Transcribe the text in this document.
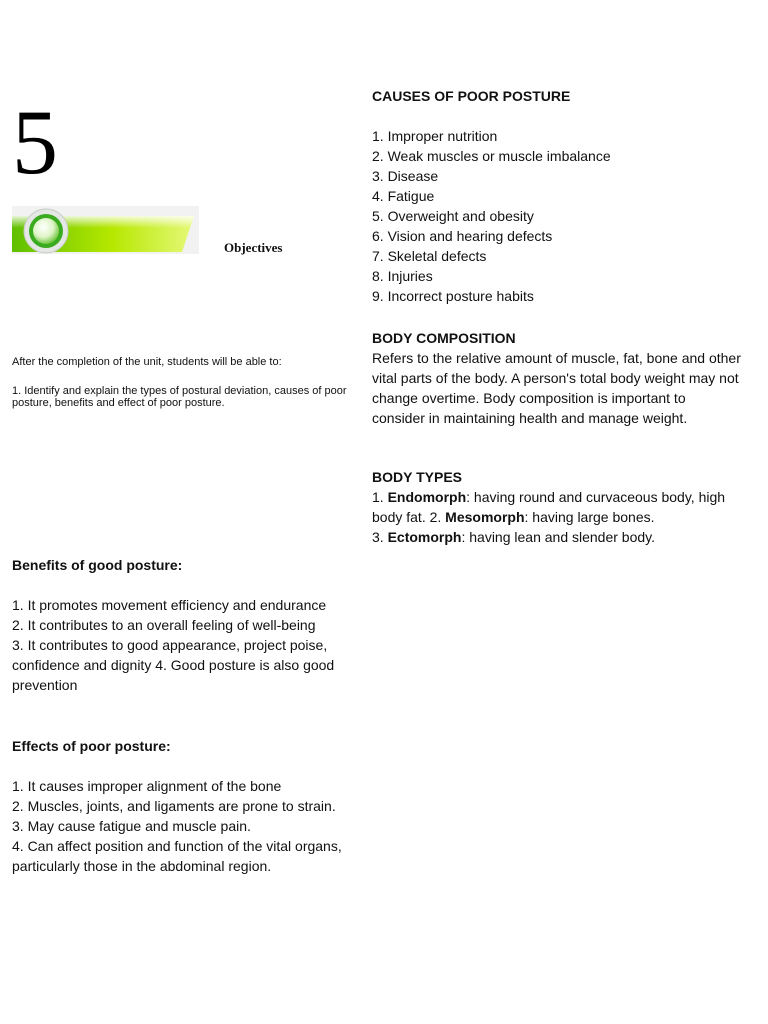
5
Objectives
After the completion of the unit, students will be able to:
1. Identify and explain the types of postural deviation, causes of poor posture, benefits and effect of poor posture.
Benefits of good posture:
1. It promotes movement efficiency and endurance
2. It contributes to an overall feeling of well-being
3. It contributes to good appearance, project poise, confidence and dignity 4. Good posture is also good prevention
Effects of poor posture:
1. It causes improper alignment of the bone
2. Muscles, joints, and ligaments are prone to strain.
3. May cause fatigue and muscle pain.
4. Can affect position and function of the vital organs, particularly those in the abdominal region.
CAUSES OF POOR POSTURE
1. Improper nutrition
2. Weak muscles or muscle imbalance
3. Disease
4. Fatigue
5. Overweight and obesity
6. Vision and hearing defects
7. Skeletal defects
8. Injuries
9. Incorrect posture habits
BODY COMPOSITION
Refers to the relative amount of muscle, fat, bone and other vital parts of the body. A person's total body weight may not change overtime. Body composition is important to consider in maintaining health and manage weight.
BODY TYPES
1. Endomorph: having round and curvaceous body, high body fat. 2. Mesomorph: having large bones.
3. Ectomorph: having lean and slender body.
